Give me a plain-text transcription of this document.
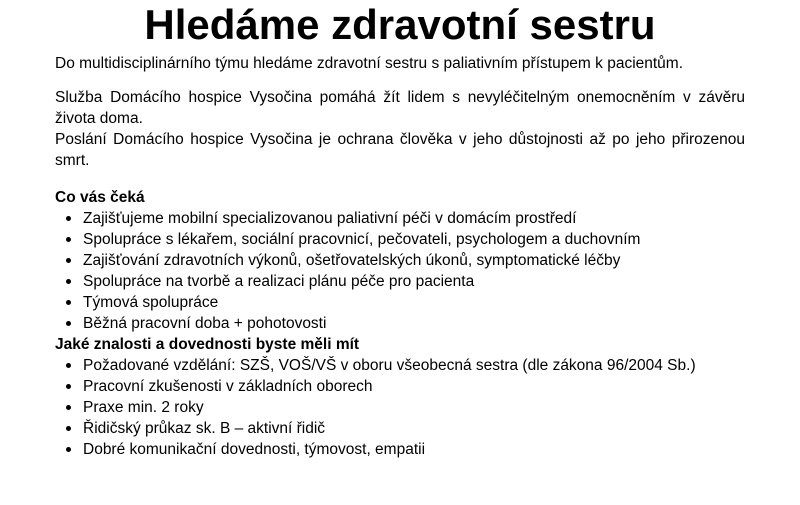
Hledáme zdravotní sestru

Do multidisciplinárního týmu hledáme zdravotní sestru s paliativním přístupem k pacientům.

Služba Domácího hospice Vysočina pomáhá žít lidem s nevyléčitelným onemocněním v závěru života doma.

Poslání Domácího hospice Vysočina je ochrana člověka v jeho důstojnosti až po jeho přirozenou smrt.

Co vás čeká

Zajišťujeme mobilní specializovanou paliativní péči v domácím prostředí
Spolupráce s lékařem, sociální pracovnicí, pečovateli, psychologem a duchovním
Zajišťování zdravotních výkonů, ošetřovatelských úkonů, symptomatické léčby
Spolupráce na tvorbě a realizaci plánu péče pro pacienta
Týmová spolupráce
Běžná pracovní doba + pohotovosti

Jaké znalosti a dovednosti byste měli mít

Požadované vzdělání: SZŠ, VOŠ/VŠ v oboru všeobecná sestra (dle zákona 96/2004 Sb.)
Pracovní zkušenosti v základních oborech
Praxe min. 2 roky
Řidičský průkaz sk. B – aktivní řidič
Dobré komunikační dovednosti, týmovost, empatii
